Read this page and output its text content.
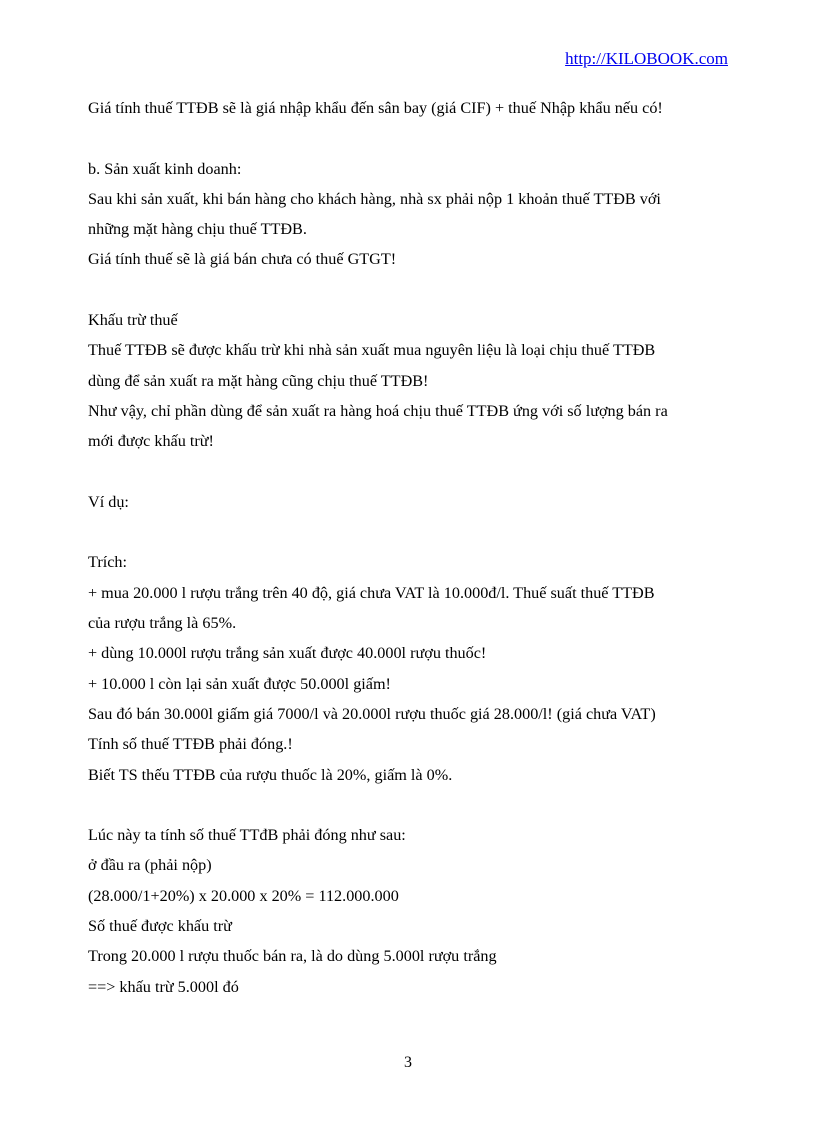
http://KILOBOOK.com

Giá tính thuế TTĐB sẽ là giá nhập khẩu đến sân bay (giá CIF) + thuế Nhập khẩu nếu có!

b. Sản xuất kinh doanh:

Sau khi sản xuất, khi bán hàng cho khách hàng, nhà sx phải nộp 1 khoản thuế TTĐB với

những mặt hàng chịu thuế TTĐB.

Giá tính thuế sẽ là giá bán chưa có thuế GTGT!

Khấu trừ thuế

Thuế TTĐB sẽ được khấu trừ khi nhà sản xuất mua nguyên liệu là loại chịu thuế TTĐB

dùng để sản xuất ra mặt hàng cũng chịu thuế TTĐB!

Như vậy, chỉ phần dùng để sản xuất ra hàng hoá chịu thuế TTĐB ứng với số lượng bán ra

mới được khấu trừ!

Ví dụ:

Trích:

+ mua 20.000 l rượu trắng trên 40 độ, giá chưa VAT là 10.000đ/l. Thuế suất thuế TTĐB

của rượu trắng là 65%.

+ dùng 10.000l rượu trắng sản xuất được 40.000l rượu thuốc!

+ 10.000 l còn lại sản xuất được 50.000l giấm!

Sau đó bán 30.000l giấm giá 7000/l và 20.000l rượu thuốc giá 28.000/l! (giá chưa VAT)

Tính số thuế TTĐB phải đóng.!

Biết TS thếu TTĐB của rượu thuốc là 20%, giấm là 0%.

Lúc này ta tính số thuế TTđB phải đóng như sau:

ở đầu ra (phải nộp)

(28.000/1+20%) x 20.000 x 20% = 112.000.000

Số thuế được khấu trừ

Trong 20.000 l rượu thuốc bán ra, là do dùng 5.000l rượu trắng

==> khấu trừ 5.000l đó

3
